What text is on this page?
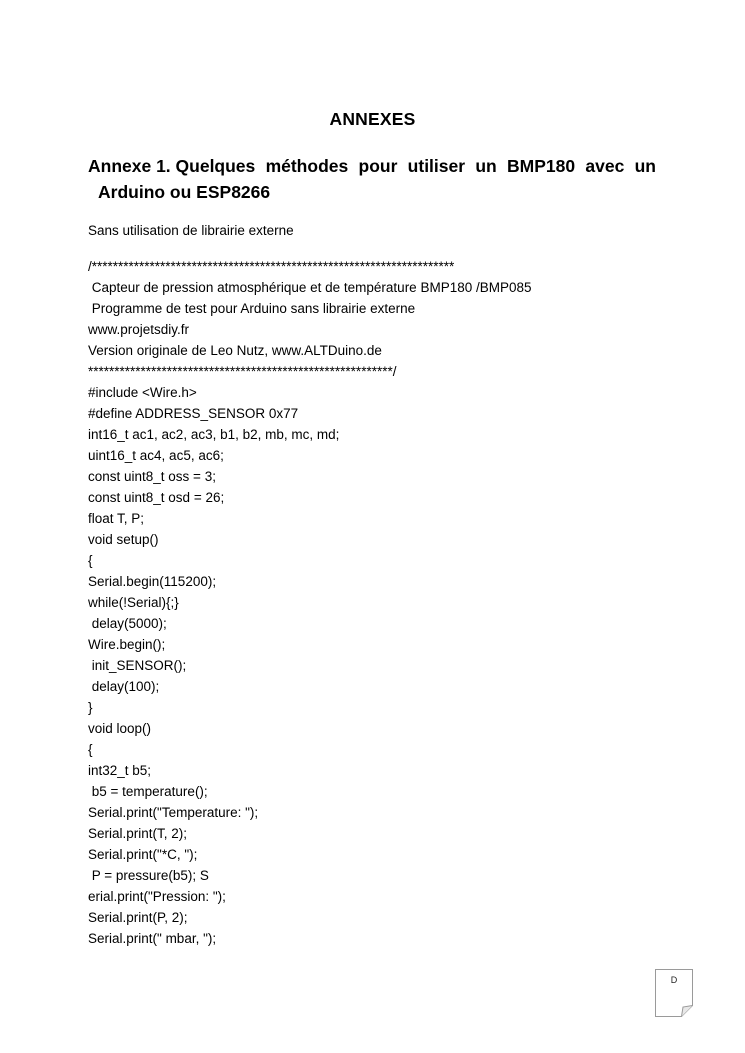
ANNEXES
Annexe 1. Quelques méthodes pour utiliser un BMP180 avec un
Arduino ou ESP8266
Sans utilisation de librairie externe
/*********************************************************************
Capteur de pression atmosphérique et de température BMP180 /BMP085
Programme de test pour Arduino sans librairie externe
www.projetsdiy.fr
Version originale de Leo Nutz, www.ALTDuino.de
**********************************************************/
#include <Wire.h>
#define ADDRESS_SENSOR 0x77
int16_t ac1, ac2, ac3, b1, b2, mb, mc, md;
uint16_t ac4, ac5, ac6;
const uint8_t oss = 3;
const uint8_t osd = 26;
float T, P;
void setup()
{
Serial.begin(115200);
while(!Serial){;}
delay(5000);
Wire.begin();
init_SENSOR();
delay(100);
}
void loop()
{
int32_t b5;
b5 = temperature();
Serial.print("Temperature: ");
Serial.print(T, 2);
Serial.print("*C, ");
P = pressure(b5); S
erial.print("Pression: ");
Serial.print(P, 2);
Serial.print(" mbar, ");
D
